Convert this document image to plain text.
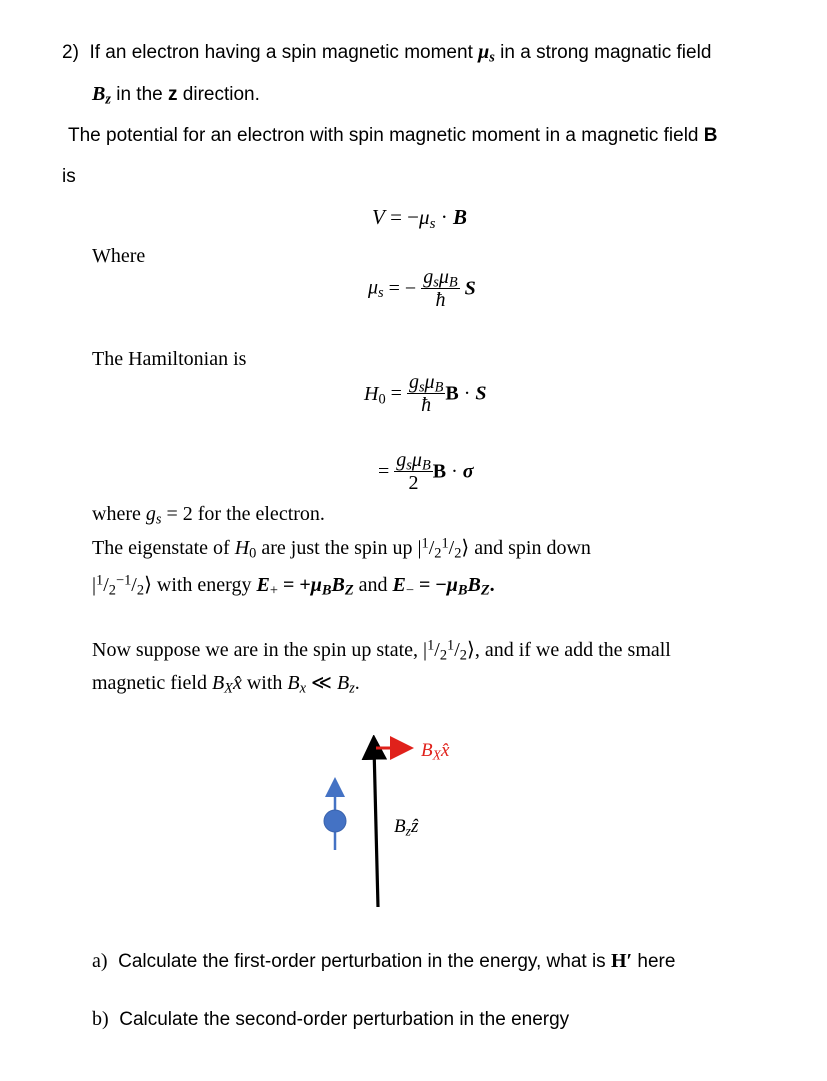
2) If an electron having a spin magnetic moment $\mu_s$ in a strong magnatic field
$B_z$ in the z direction.
The potential for an electron with spin magnetic moment in a magnetic field B
is
$V = -\mu_s \cdot B$
Where
$\mu_s$ = − $\frac{g_s\mu_B}{ħ}$ S
The Hamiltonian is
$H_0 = \frac{g_s\mu_B}{ħ}$ B · S
= $\frac{g_s\mu_B}{2}$ B · σ
where $g_s = 2$ for the electron.
The eigenstate of $H_0$ are just the spin up $|^1/_2^1/_2⟩$ and spin down
$|^1/_2^{-1}/_2⟩$ with energy $E_+ = +\mu_BB_Z$ and $E_- = -\mu_BB_Z$.
Now suppose we are in the spin up state, $|^1/_2^1/_2⟩$, and if we add the small
magnetic field $B_Xx̂$ with $B_x$ ≪ $B_z$.
$B_Xx̂$
$B_zẑ$
a) Calculate the first-order perturbation in the energy, what is H′ here
b) Calculate the second-order perturbation in the energy
